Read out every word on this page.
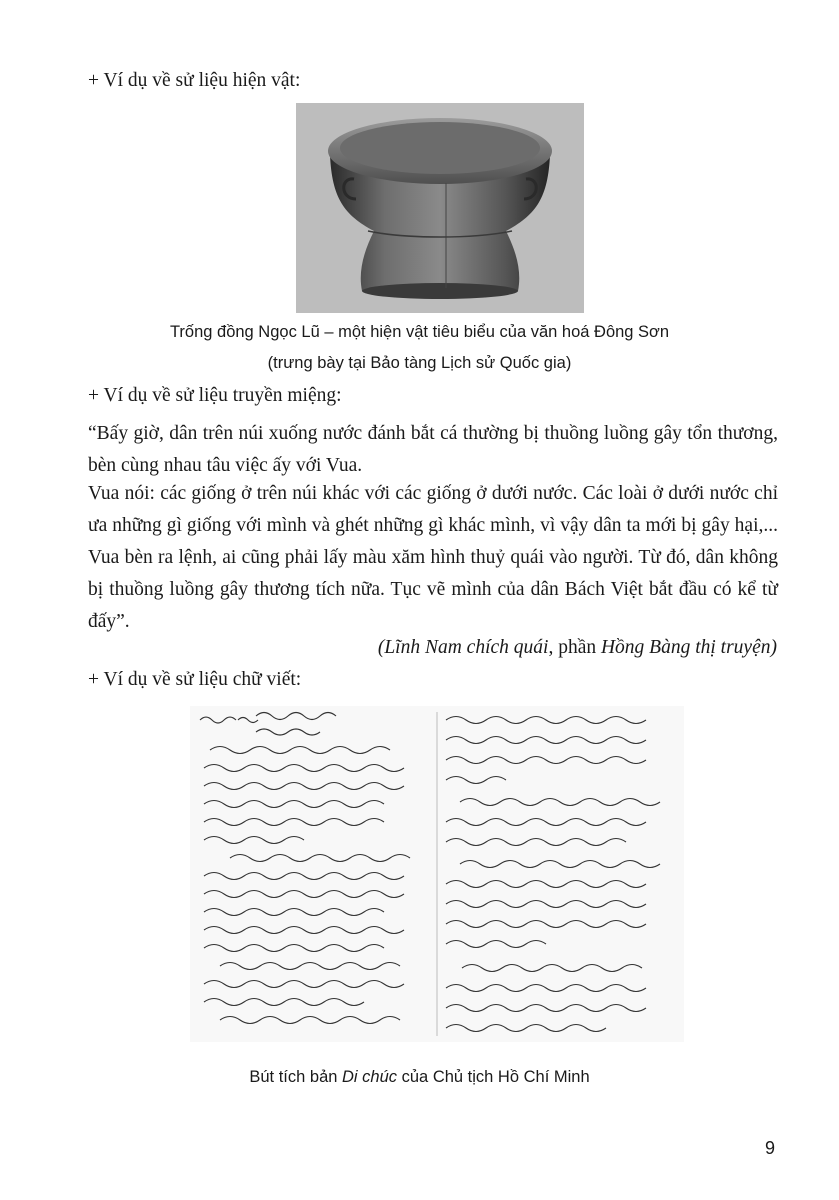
+ Ví dụ về sử liệu hiện vật:
Trống đồng Ngọc Lũ – một hiện vật tiêu biểu của văn hoá Đông Sơn
(trưng bày tại Bảo tàng Lịch sử Quốc gia)
+ Ví dụ về sử liệu truyền miệng:
“Bấy giờ, dân trên núi xuống nước đánh bắt cá thường bị thuồng luồng gây tổn thương, bèn cùng nhau tâu việc ấy với Vua.
Vua nói: các giống ở trên núi khác với các giống ở dưới nước. Các loài ở dưới nước chỉ ưa những gì giống với mình và ghét những gì khác mình, vì vậy dân ta mới bị gây hại,... Vua bèn ra lệnh, ai cũng phải lấy màu xăm hình thuỷ quái vào người. Từ đó, dân không bị thuồng luồng gây thương tích nữa. Tục vẽ mình của dân Bách Việt bắt đầu có kể từ đấy”.
(Lĩnh Nam chích quái, phần Hồng Bàng thị truyện)
+ Ví dụ về sử liệu chữ viết:
Bút tích bản Di chúc của Chủ tịch Hồ Chí Minh
9
